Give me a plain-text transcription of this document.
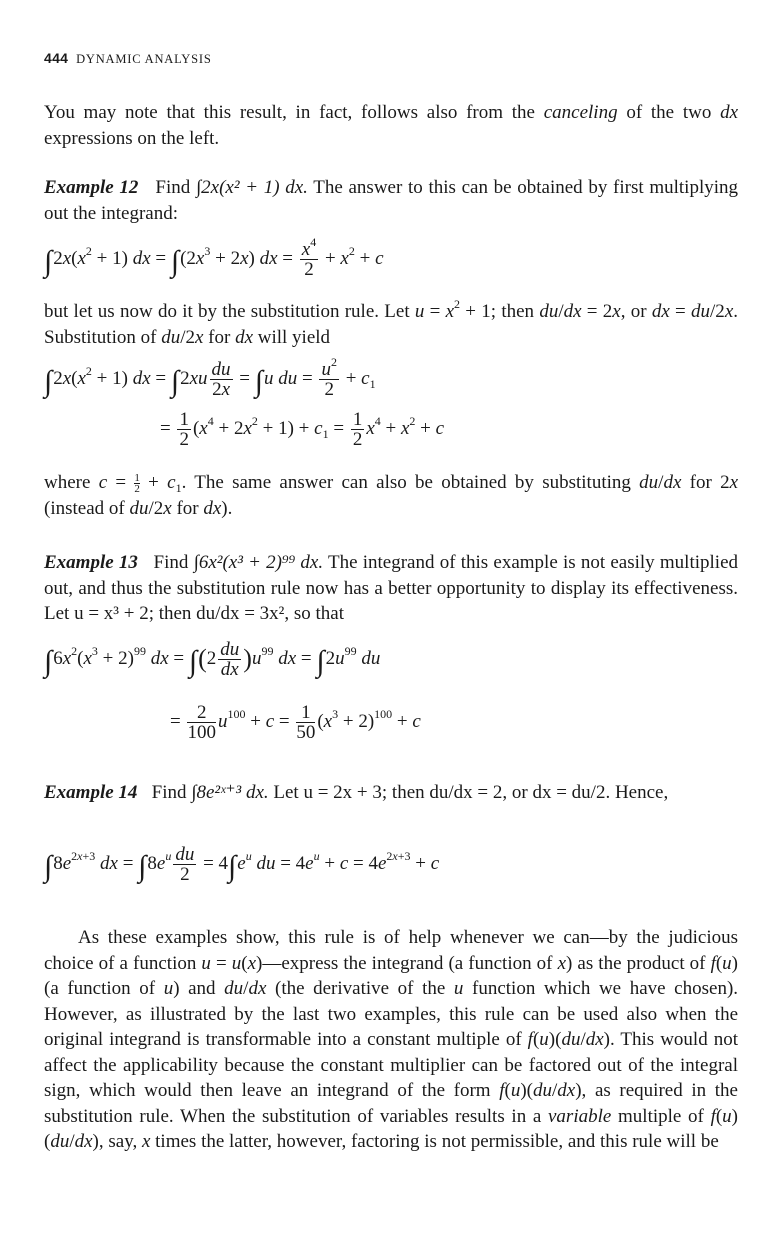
444 DYNAMIC ANALYSIS
You may note that this result, in fact, follows also from the canceling of the two dx expressions on the left.
Example 12 Find ∫2x(x² + 1) dx. The answer to this can be obtained by first multiplying out the integrand:
$\int 2x(x^2 + 1)$ dx = $\int(2x^3 + 2x)$ dx = $\frac{x^4}{2} + x^2 + c$
but let us now do it by the substitution rule. Let $u = x^2 + 1$; then du/dx = 2x, or dx = du/2x. Substitution of du/2x for dx will yield
$\int 2x(x^2 + 1)$ dx = $\int 2xu \frac{du}{2x} = \int u$ du = $\frac{u^2}{2} + c_1$
= $\frac{1}{2} (x^4 + 2x^2 + 1) + c_1 = \frac{1}{2} x^4 + x^2 + c$
where $c = \frac{1}{2} + c_1$. The same answer can also be obtained by substituting du/dx for 2x (instead of du/2x for dx).
Example 13 Find ∫6x²(x³ + 2)⁹⁹ dx. The integrand of this example is not easily multiplied out, and thus the substitution rule now has a better opportunity to display its effectiveness. Let u = x³ + 2; then du/dx = 3x², so that
$\int 6x^2(x^3 + 2)^{99}$ dx = $\int(2 \frac{du}{dx} )u^{99}$ dx = $\int 2u^{99}$ du
= $\frac{2}{100} u^{100} + c = \frac{1}{50} (x^3 + 2)^{100} + c$
Example 14 Find ∫8e²ˣ⁺³ dx. Let u = 2x + 3; then du/dx = 2, or dx = du/2. Hence,
$\int 8e^{2x+3}$ dx = $\int 8e^u \frac{du}{2} = 4\int e^u$ du = $4e^u + c = 4e^{2x+3} + c$
As these examples show, this rule is of help whenever we can—by the judicious choice of a function u = u(x)—express the integrand (a function of x) as the product of f(u) (a function of u) and du/dx (the derivative of the u function which we have chosen). However, as illustrated by the last two examples, this rule can be used also when the original integrand is transformable into a constant multiple of f(u)(du/dx). This would not affect the applicability because the constant multiplier can be factored out of the integral sign, which would then leave an integrand of the form f(u)(du/dx), as required in the substitution rule. When the substitution of variables results in a variable multiple of f(u)(du/dx), say, x times the latter, however, factoring is not permissible, and this rule will be
